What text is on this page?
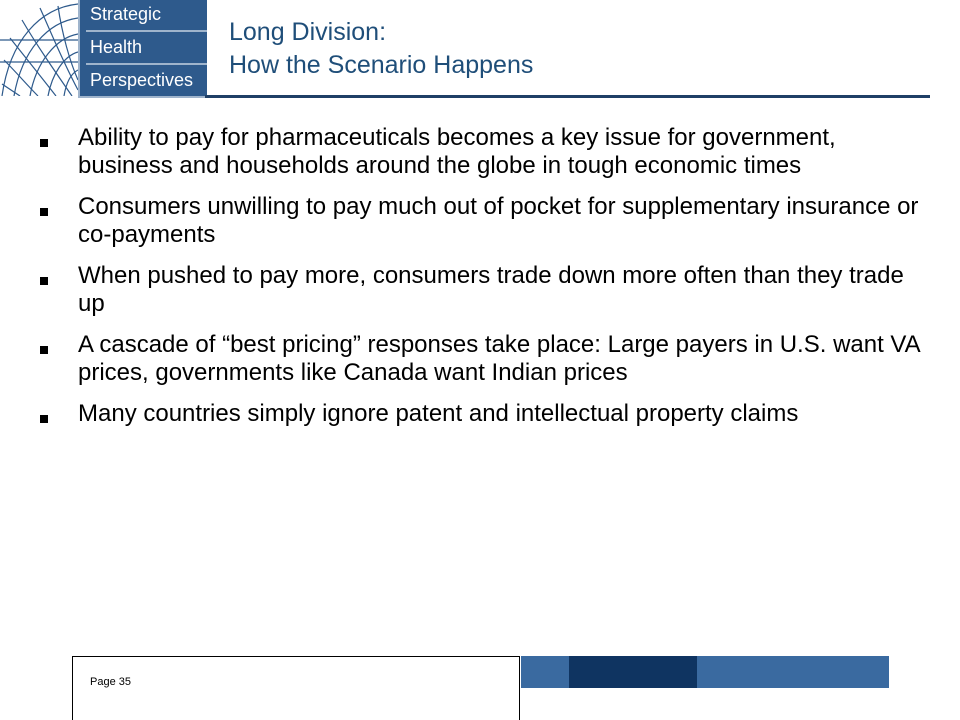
Strategic
Health
Perspectives
Long Division:
How the Scenario Happens
Ability to pay for pharmaceuticals becomes a key issue for government, business and households around the globe in tough economic times
Consumers unwilling to pay much out of pocket for supplementary insurance or co-payments
When pushed to pay more, consumers trade down more often than they trade up
A cascade of “best pricing” responses take place: Large payers in U.S. want VA prices, governments like Canada want Indian prices
Many countries simply ignore patent and intellectual property claims
Page 35
